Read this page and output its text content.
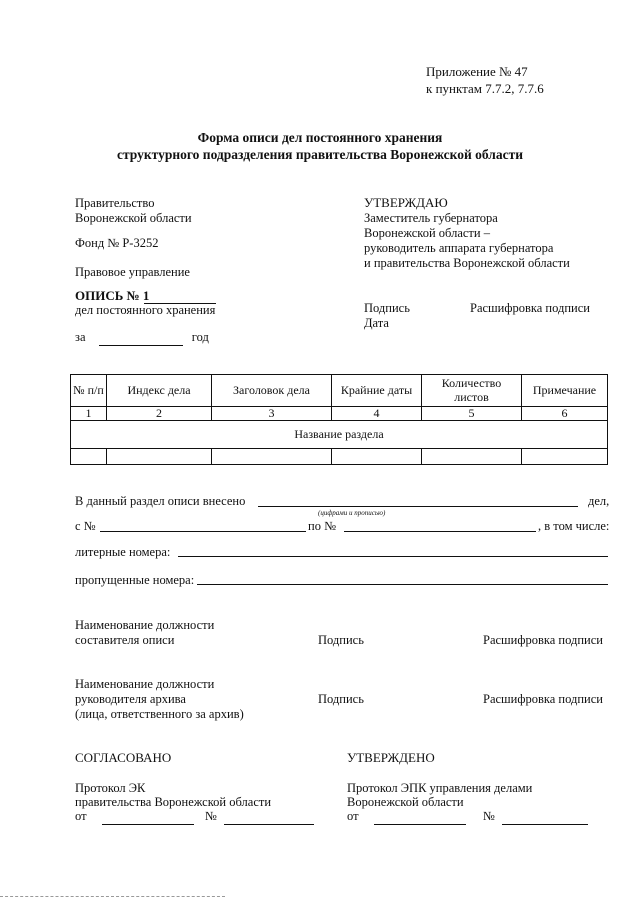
Приложение № 47
к пунктам 7.7.2, 7.7.6
Форма описи дел постоянного хранения
структурного подразделения правительства Воронежской области
Правительство
Воронежской области
Фонд № Р-3252
Правовое управление
ОПИСЬ № 1
дел постоянного хранения
за	год
УТВЕРЖДАЮ
Заместитель губернатора
Воронежской области –
руководитель аппарата губернатора
и правительства Воронежской области
Подпись	Расшифровка подписи
Дата
№ п/п	Индекс дела	Заголовок дела	Крайние даты	Количество листов	Примечание
1	2	3	4	5	6
Название раздела					

В данный раздел описи внесено	дел,
(цифрами и прописью)
с №	по №	, в том числе:
литерные номера:
пропущенные номера:
Наименование должности
составителя описи	Подпись	Расшифровка подписи
Наименование должности
руководителя архива
(лица, ответственного за архив)
Подпись	Расшифровка подписи
СОГЛАСОВАНО
Протокол ЭК
правительства Воронежской области
от	№
УТВЕРЖДЕНО
Протокол ЭПК управления делами
Воронежской области
от	№
